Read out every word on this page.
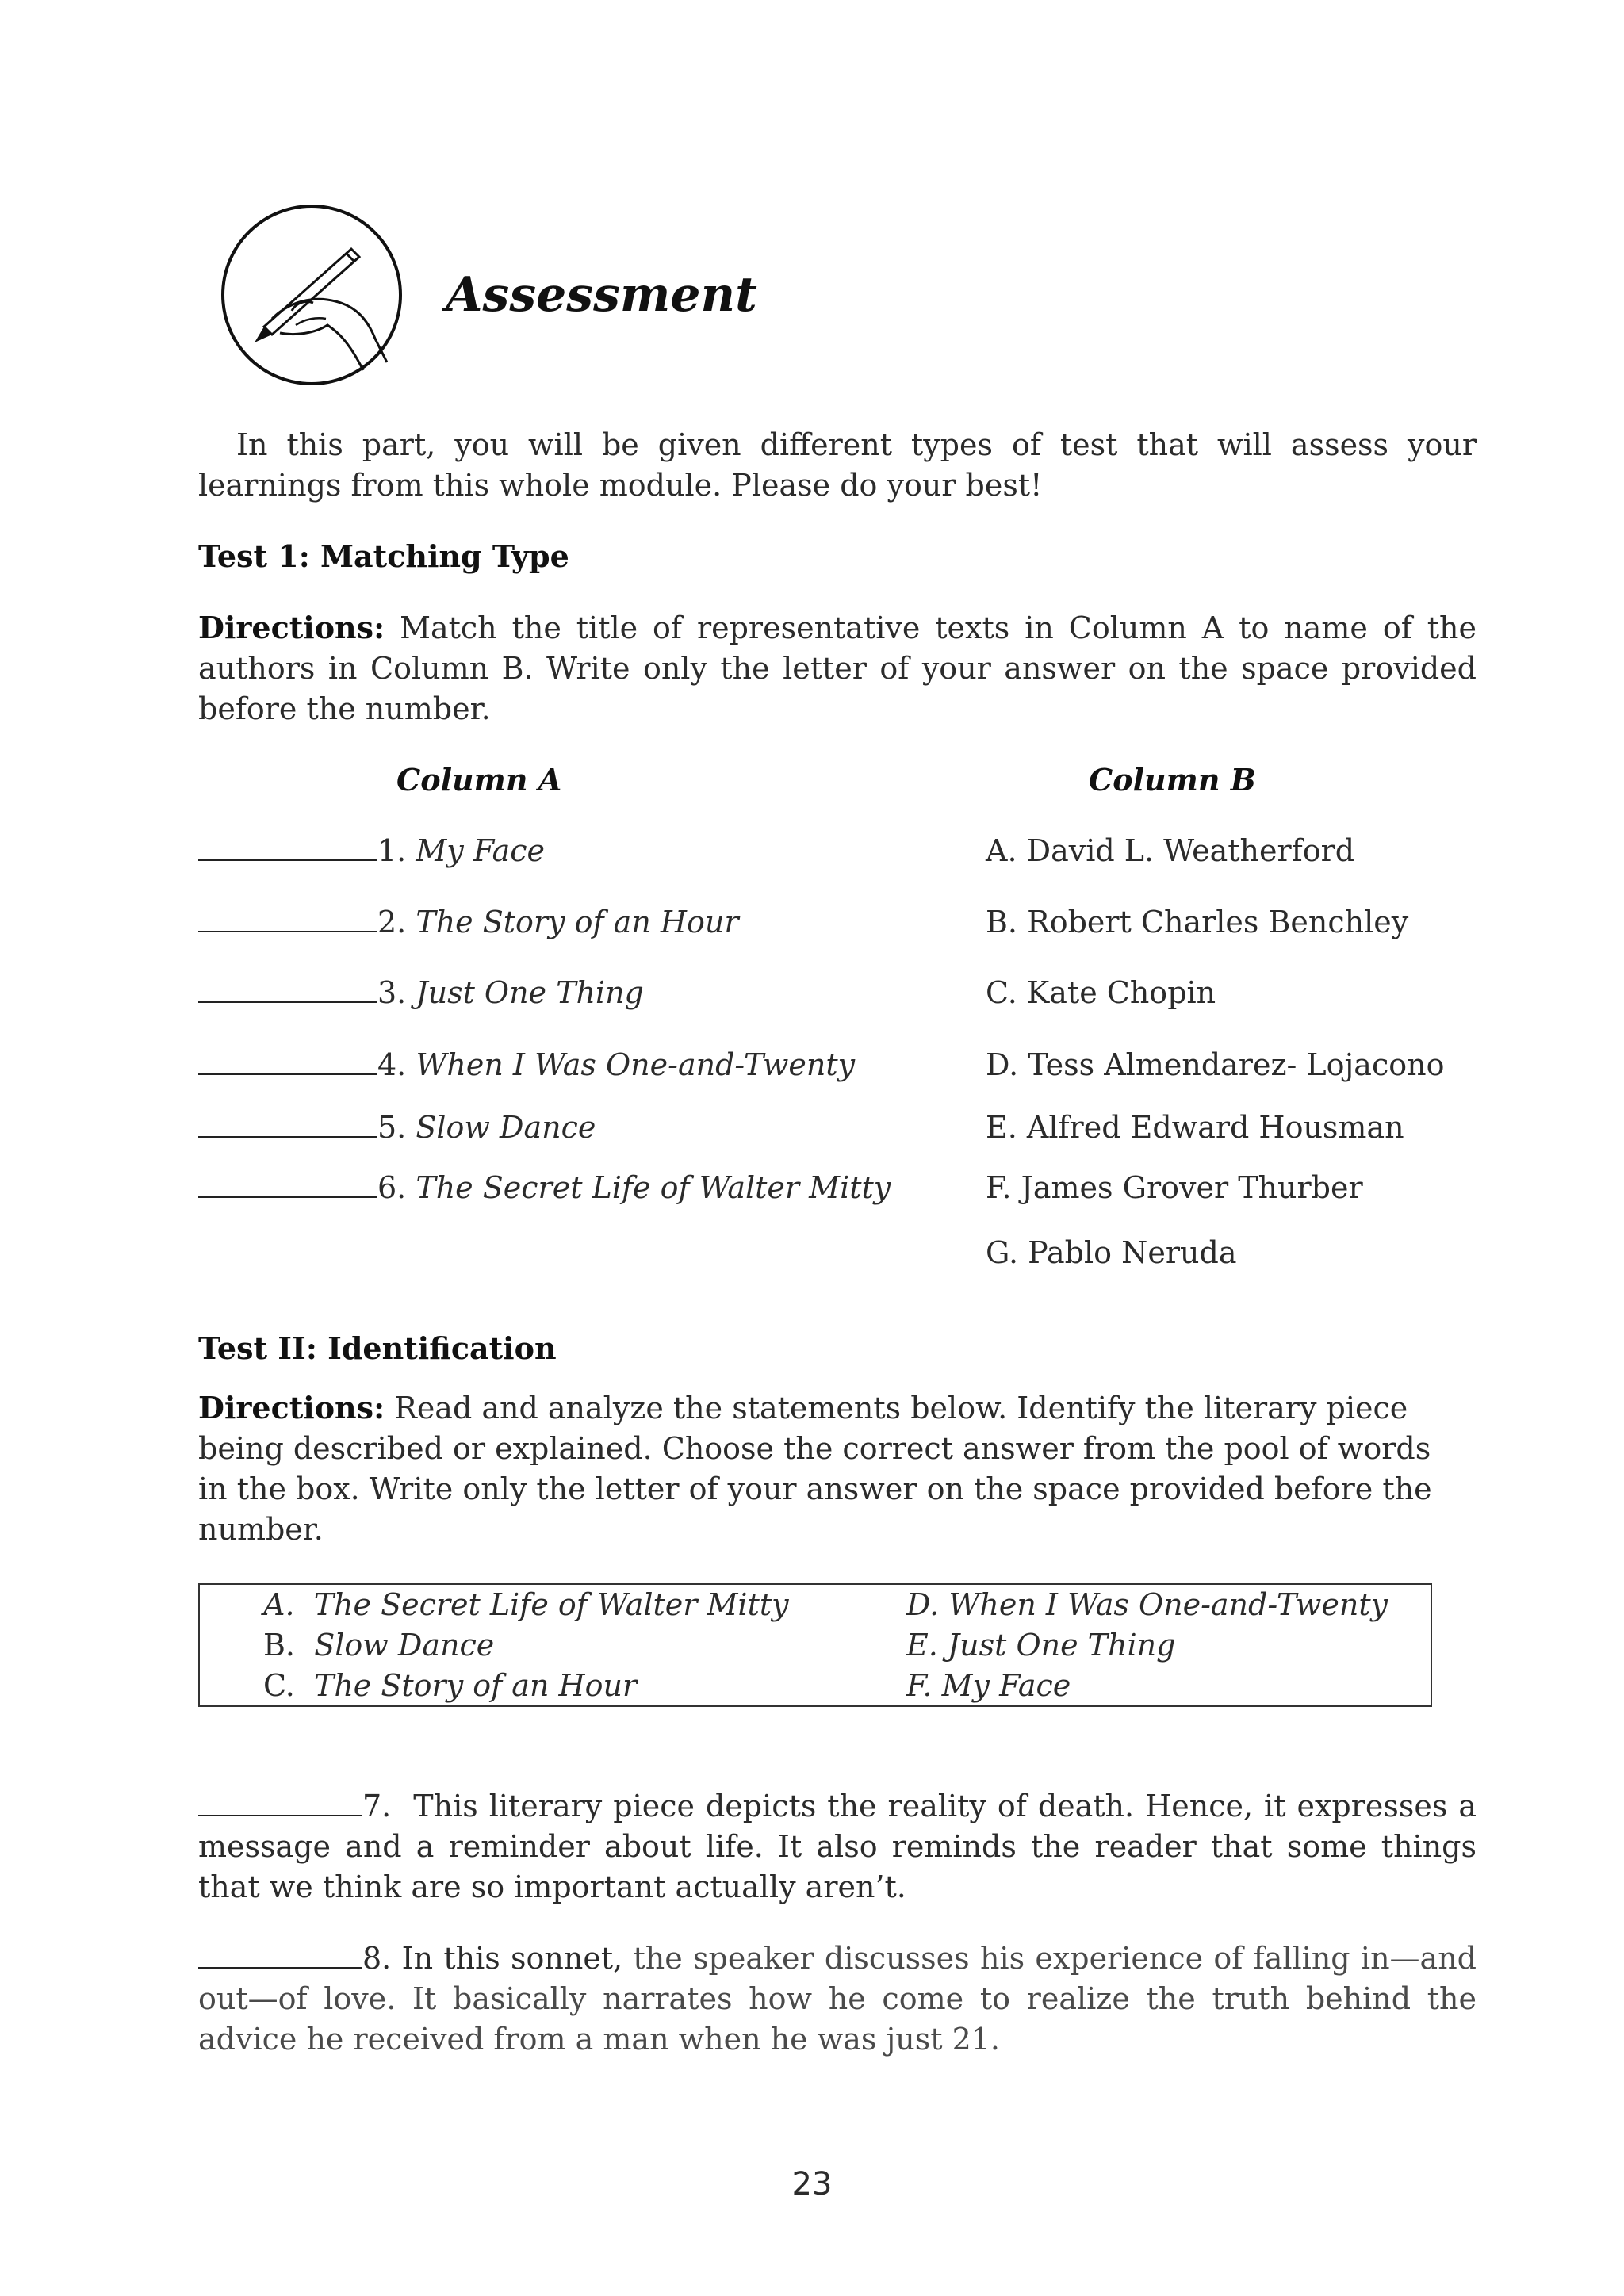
Assessment
In this part, you will be given different types of test that will assess your learnings from this whole module. Please do your best!
Test 1: Matching Type
Directions: Match the title of representative texts in Column A to name of the authors in Column B. Write only the letter of your answer on the space provided before the number.
Column A	Column B
1. My Face
2. The Story of an Hour
3. Just One Thing
4. When I Was One-and-Twenty
5. Slow Dance
6. The Secret Life of Walter Mitty
A. David L. Weatherford
B. Robert Charles Benchley
C. Kate Chopin
D. Tess Almendarez- Lojacono
E. Alfred Edward Housman
F. James Grover Thurber
G. Pablo Neruda
Test II: Identification
Directions: Read and analyze the statements below. Identify the literary piece being described or explained. Choose the correct answer from the pool of words in the box. Write only the letter of your answer on the space provided before the number.
A. The Secret Life of Walter Mitty
B. Slow Dance
C. The Story of an Hour
D. When I Was One-and-Twenty
E. Just One Thing
F. My Face
7. This literary piece depicts the reality of death. Hence, it expresses a message and a reminder about life. It also reminds the reader that some things that we think are so important actually aren’t.
8. In this sonnet, the speaker discusses his experience of falling in—and out—of love. It basically narrates how he come to realize the truth behind the advice he received from a man when he was just 21.
23
